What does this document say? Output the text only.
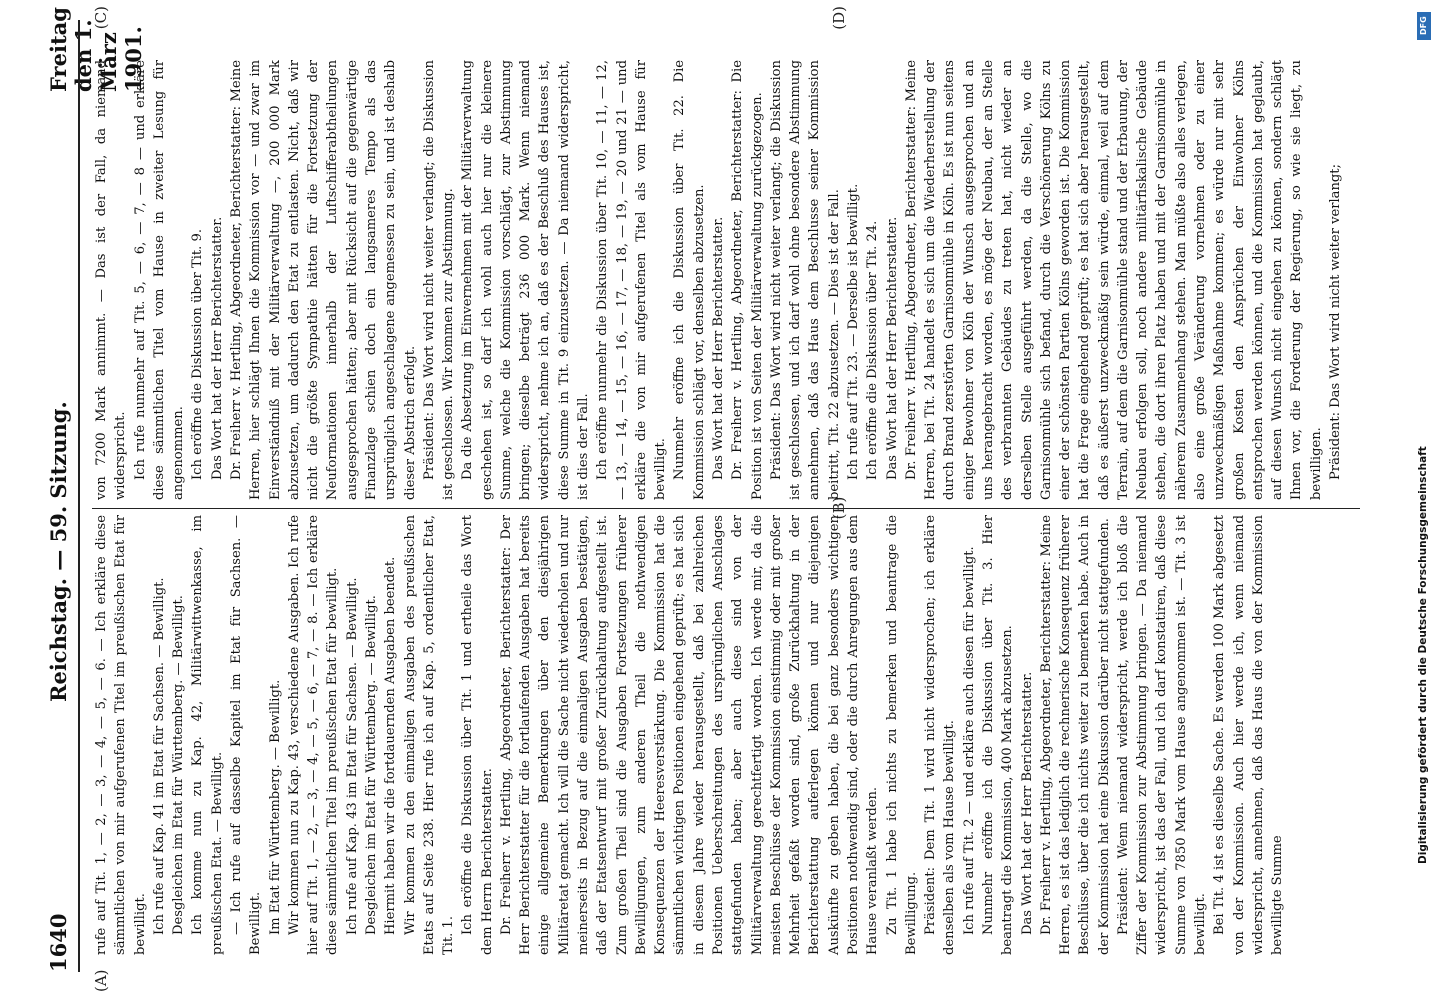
1640
Reichstag. — 59. Sitzung.
Freitag den 1. März 1901.
(A)
(B)
(C)	(D)

rufe auf Tit. 1, — 2, — 3, — 4, — 5, — 6. — Ich erkläre diese sämmtlichen von mir aufgerufenen Titel im preußischen Etat für bewilligt. Ich rufe auf Kap. 41 im Etat für Sachsen. — Bewilligt. Desgleichen im Etat für Württemberg. — Bewilligt. Ich komme nun zu Kap. 42, Militärwittwenkasse, im preußischen Etat. — Bewilligt. — Ich rufe auf dasselbe Kapitel im Etat für Sachsen. — Bewilligt. Im Etat für Württemberg. — Bewilligt. Wir kommen nun zu Kap. 43, verschiedene Ausgaben. Ich rufe hier auf Tit. 1, — 2, — 3, — 4, — 5, — 6, — 7, — 8. — Ich erkläre diese sämmtlichen Titel im preußischen Etat für bewilligt. Ich rufe auf Kap. 43 im Etat für Sachsen. — Bewilligt. Desgleichen im Etat für Württemberg. — Bewilligt. Hiermit haben wir die fortdauernden Ausgaben beendet. Wir kommen zu den einmaligen Ausgaben des preußischen Etats auf Seite 238. Hier rufe ich auf Kap. 5, ordentlicher Etat, Tit. 1.

Ich eröffne die Diskussion über Tit. 1 und ertheile das Wort dem Herrn Berichterstatter. Dr. Freiherr v. Hertling, Abgeordneter, Berichterstatter: Der Herr Berichterstatter für die fortlaufenden Ausgaben hat bereits einige allgemeine Bemerkungen über den diesjährigen Militäretat gemacht. Ich will die Sache nicht wiederholen und nur meinerseits in Bezug auf die einmaligen Ausgaben bestätigen, daß der Etatsentwurf mit großer Zurückhaltung aufgestellt ist. Zum großen Theil sind die Ausgaben Fortsetzungen früherer Bewilligungen, zum anderen Theil die nothwendigen Konsequenzen der Heeresverstärkung. Die Kommission hat die sämmtlichen wichtigen Positionen eingehend geprüft; es hat sich in diesem Jahre wieder herausgestellt, daß bei zahlreichen Positionen Ueberschreitungen des ursprünglichen Anschlages stattgefunden haben; aber auch diese sind von der Militärverwaltung gerechtfertigt worden. Ich werde mir, da die meisten Beschlüsse der Kommission einstimmig oder mit großer Mehrheit gefaßt worden sind, große Zurückhaltung in der Berichterstattung auferlegen können und nur diejenigen Auskünfte zu geben haben, die bei ganz besonders wichtigen Positionen nothwendig sind, oder die durch Anregungen aus dem Hause veranlaßt werden. Zu Tit. 1 habe ich nichts zu bemerken und beantrage die Bewilligung. Präsident: Dem Tit. 1 wird nicht widersprochen; ich erkläre denselben als vom Hause bewilligt. Ich rufe auf Tit. 2 — und erkläre auch diesen für bewilligt. Nunmehr eröffne ich die Diskussion über Tit. 3. Hier beantragt die Kommission, 400 Mark abzusetzen. Das Wort hat der Herr Berichterstatter. Dr. Freiherr v. Hertling, Abgeordneter, Berichterstatter: Meine Herren, es ist das lediglich die rechnerische Konsequenz früherer Beschlüsse, über die ich nichts weiter zu bemerken habe. Auch in der Kommission hat eine Diskussion darüber nicht stattgefunden. Präsident: Wenn niemand widerspricht, werde ich bloß die Ziffer der Kommission zur Abstimmung bringen. — Da niemand widerspricht, ist das der Fall, und ich darf konstatiren, daß diese Summe von 7850 Mark vom Hause angenommen ist. — Tit. 3 ist bewilligt. Bei Tit. 4 ist es dieselbe Sache. Es werden 100 Mark abgesetzt von der Kommission. Auch hier werde ich, wenn niemand widerspricht, annehmen, daß das Haus die von der Kommission bewilligte Summe

von 7200 Mark annimmt. — Das ist der Fall, da niemand widerspricht. Ich rufe nunmehr auf Tit. 5, — 6, — 7, — 8 — und erkläre diese sämmtlichen Titel vom Hause in zweiter Lesung für angenommen. Ich eröffne die Diskussion über Tit. 9. Das Wort hat der Herr Berichterstatter. Dr. Freiherr v. Hertling, Abgeordneter, Berichterstatter: Meine Herren, hier schlägt Ihnen die Kommission vor — und zwar im Einverständniß mit der Militärverwaltung —, 200 000 Mark abzusetzen, um dadurch den Etat zu entlasten. Nicht, daß wir nicht die größte Sympathie hätten für die Fortsetzung der Neuformationen innerhalb der Luftschifferabtheilungen ausgesprochen hätten; aber mit Rücksicht auf die gegenwärtige Finanzlage schien doch ein langsameres Tempo als das ursprünglich angeschlagene angemessen zu sein, und ist deshalb dieser Abstrich erfolgt. Präsident: Das Wort wird nicht weiter verlangt; die Diskussion ist geschlossen. Wir kommen zur Abstimmung. Da die Absetzung im Einvernehmen mit der Militärverwaltung geschehen ist, so darf ich wohl auch hier nur die kleinere Summe, welche die Kommission vorschlägt, zur Abstimmung bringen; dieselbe beträgt 236 000 Mark. Wenn niemand widerspricht, nehme ich an, daß es der Beschluß des Hauses ist, diese Summe in Tit. 9 einzusetzen. — Da niemand widerspricht, ist dies der Fall. Ich eröffne nunmehr die Diskussion über Tit. 10, — 11, — 12, — 13, — 14, — 15, — 16, — 17, — 18, — 19, — 20 und 21 — und erkläre die von mir aufgerufenen Titel als vom Hause für bewilligt. Nunmehr eröffne ich die Diskussion über Tit. 22. Die Kommission schlägt vor, denselben abzusetzen. Das Wort hat der Herr Berichterstatter. Dr. Freiherr v. Hertling, Abgeordneter, Berichterstatter: Die Position ist von Seiten der Militärverwaltung zurückgezogen. Präsident: Das Wort wird nicht weiter verlangt; die Diskussion ist geschlossen, und ich darf wohl ohne besondere Abstimmung annehmen, daß das Haus dem Beschlusse seiner Kommission beitritt, Tit. 22 abzusetzen. — Dies ist der Fall. Ich rufe auf Tit. 23. — Derselbe ist bewilligt. Ich eröffne die Diskussion über Tit. 24. Das Wort hat der Herr Berichterstatter. Dr. Freiherr v. Hertling, Abgeordneter, Berichterstatter: Meine Herren, bei Tit. 24 handelt es sich um die Wiederherstellung der durch Brand zerstörten Garnisonmühle in Köln. Es ist nun seitens einiger Bewohner von Köln der Wunsch ausgesprochen und an uns herangebracht worden, es möge der Neubau, der an Stelle des verbrannten Gebäudes zu treten hat, nicht wieder an derselben Stelle ausgeführt werden, da die Stelle, wo die Garnisonmühle sich befand, durch die Verschönerung Kölns zu einer der schönsten Partien Kölns geworden ist. Die Kommission hat die Frage eingehend geprüft; es hat sich aber herausgestellt, daß es äußerst unzweckmäßig sein würde, einmal, weil auf dem Terrain, auf dem die Garnisonmühle stand und der Erbauung, der Neubau erfolgen soll, noch andere militärfiskalische Gebäude stehen, die dort ihren Platz haben und mit der Garnisonmühle in näherem Zusammenhang stehen. Man müßte also alles verlegen, also eine große Veränderung vornehmen oder zu einer unzweckmäßigen Maßnahme kommen; es würde nur mit sehr großen Kosten den Ansprüchen der Einwohner Kölns entsprochen werden können, und die Kommission hat geglaubt, auf diesen Wunsch nicht eingehen zu können, sondern schlägt Ihnen vor, die Forderung der Regierung, so wie sie liegt, zu bewilligen. Präsident: Das Wort wird nicht weiter verlangt;

DFG
Digitalisierung gefördert durch die Deutsche Forschungsgemeinschaft
